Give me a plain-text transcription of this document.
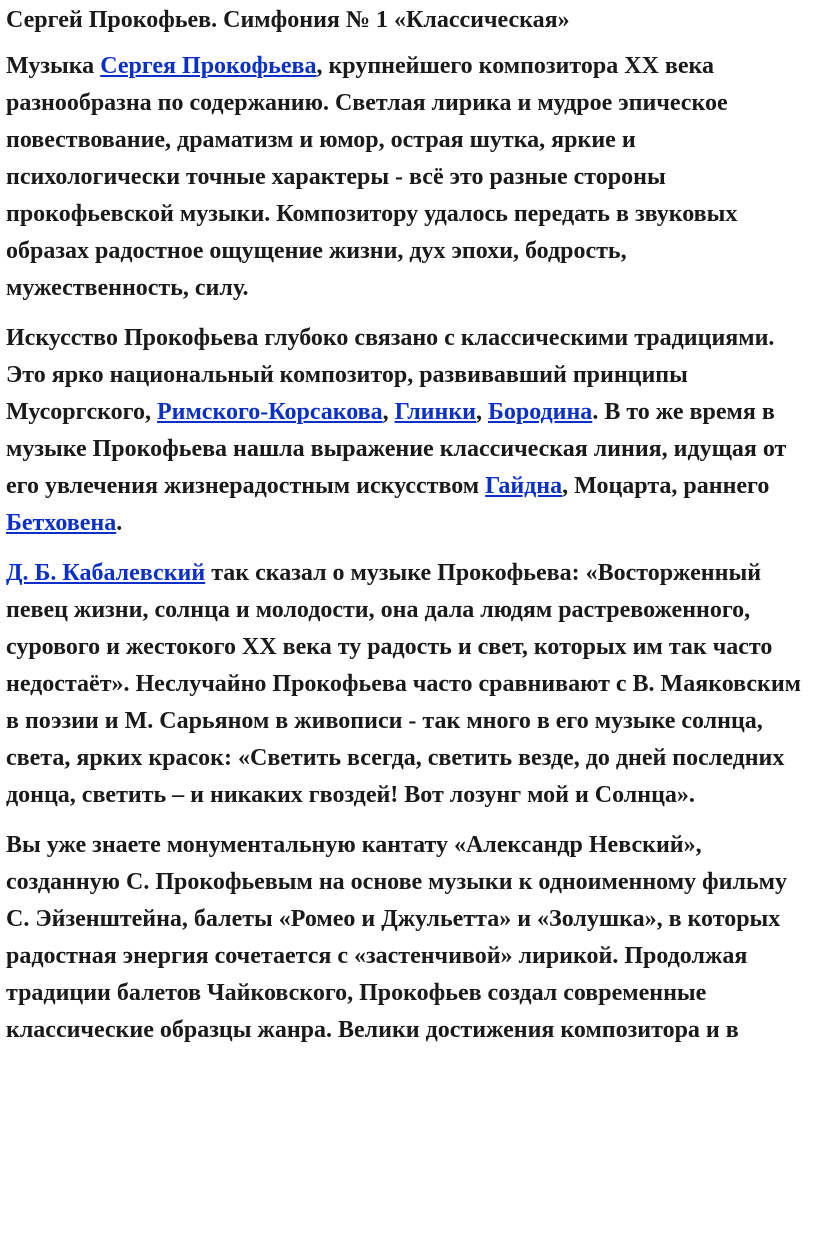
Сергей Прокофьев. Симфония № 1 «Классическая»

Музыка Сергея Прокофьева, крупнейшего композитора XX века разнообразна по содержанию. Светлая лирика и мудрое эпическое повествование, драматизм и юмор, острая шутка, яркие и психологически точные характеры - всё это разные стороны прокофьевской музыки. Композитору удалось передать в звуковых образах радостное ощущение жизни, дух эпохи, бодрость, мужественность, силу.

Искусство Прокофьева глубоко связано с классическими традициями. Это ярко национальный композитор, развивавший принципы Мусоргского, Римского-Корсакова, Глинки, Бородина. В то же время в музыке Прокофьева нашла выражение классическая линия, идущая от его увлечения жизнерадостным искусством Гайдна, Моцарта, раннего Бетховена.

Д. Б. Кабалевский так сказал о музыке Прокофьева: «Восторженный певец жизни, солнца и молодости, она дала людям растревоженного, сурового и жестокого XX века ту радость и свет, которых им так часто недостаёт». Неслучайно Прокофьева часто сравнивают с В. Маяковским в поэзии и М. Сарьяном в живописи - так много в его музыке солнца, света, ярких красок: «Светить всегда, светить везде, до дней последних донца, светить – и никаких гвоздей! Вот лозунг мой и Солнца».

Вы уже знаете монументальную кантату «Александр Невский», созданную С. Прокофьевым на основе музыки к одноименному фильму С. Эйзенштейна, балеты «Ромео и Джульетта» и «Золушка», в которых радостная энергия сочетается с «застенчивой» лирикой. Продолжая традиции балетов Чайковского, Прокофьев создал современные классические образцы жанра. Велики достижения композитора и в
